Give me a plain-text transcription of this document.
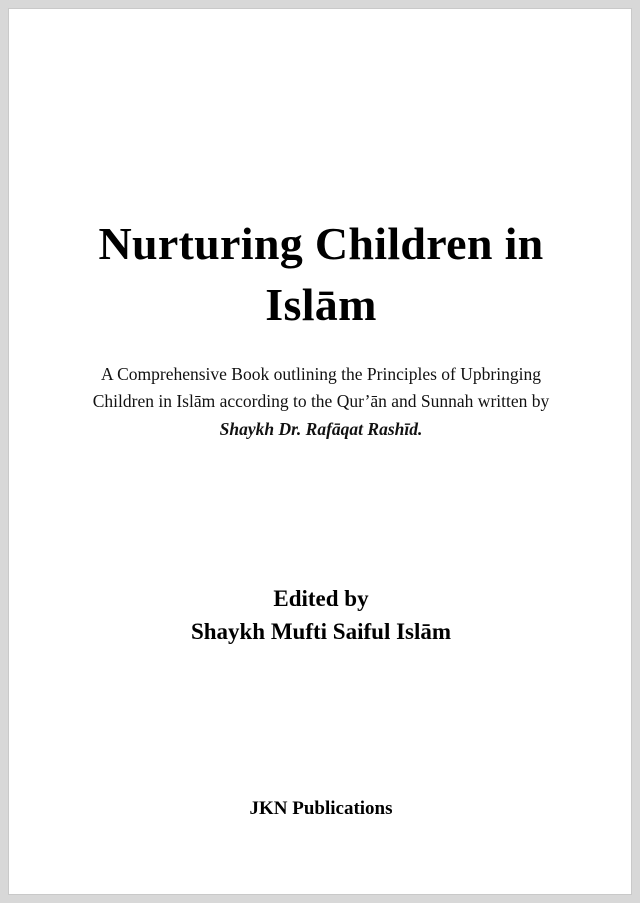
Nurturing Children in
Islām
A Comprehensive Book outlining the Principles of Upbringing
Children in Islām according to the Qur’ān and Sunnah written by
Shaykh Dr. Rafāqat Rashīd.
Edited by
Shaykh Mufti Saiful Islām
JKN Publications
